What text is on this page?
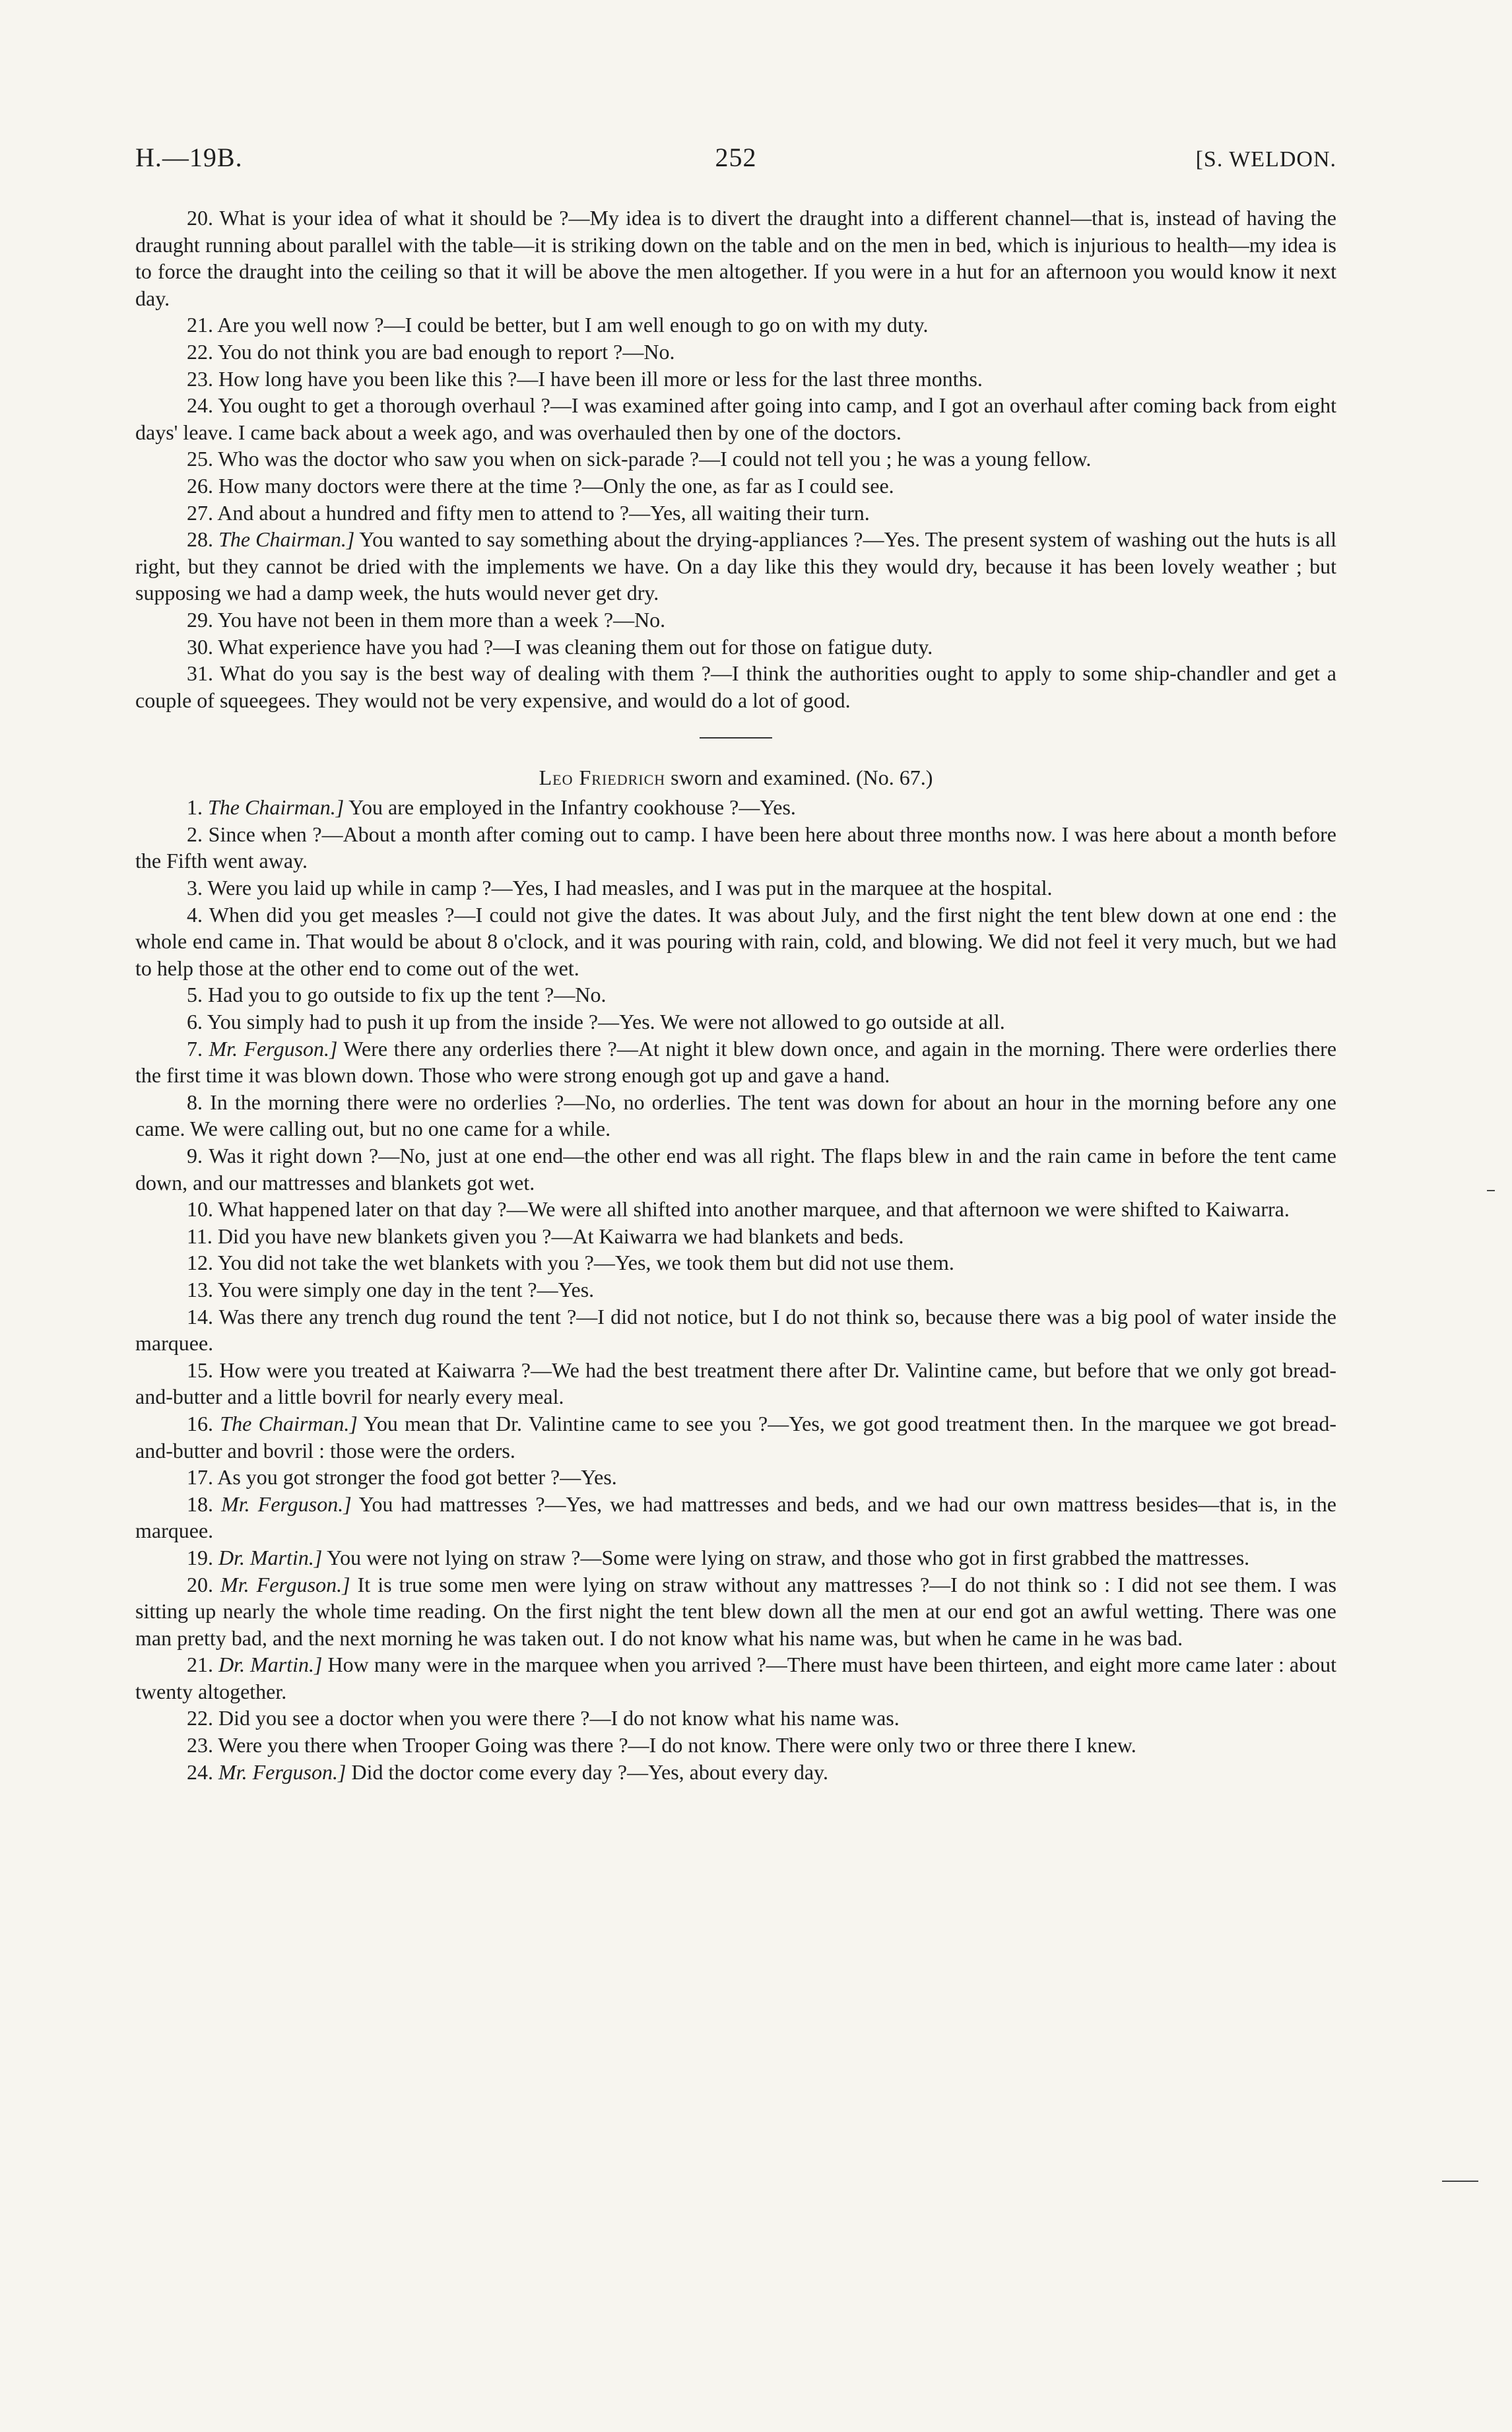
H.—19B.	252	[S. WELDON.

20. What is your idea of what it should be ?—My idea is to divert the draught into a different channel—that is, instead of having the draught running about parallel with the table—it is striking down on the table and on the men in bed, which is injurious to health—my idea is to force the draught into the ceiling so that it will be above the men altogether. If you were in a hut for an afternoon you would know it next day.

21. Are you well now ?—I could be better, but I am well enough to go on with my duty.

22. You do not think you are bad enough to report ?—No.

23. How long have you been like this ?—I have been ill more or less for the last three months.

24. You ought to get a thorough overhaul ?—I was examined after going into camp, and I got an overhaul after coming back from eight days' leave. I came back about a week ago, and was overhauled then by one of the doctors.

25. Who was the doctor who saw you when on sick-parade ?—I could not tell you ; he was a young fellow.

26. How many doctors were there at the time ?—Only the one, as far as I could see.

27. And about a hundred and fifty men to attend to ?—Yes, all waiting their turn.

28. The Chairman.] You wanted to say something about the drying-appliances ?—Yes. The present system of washing out the huts is all right, but they cannot be dried with the implements we have. On a day like this they would dry, because it has been lovely weather ; but supposing we had a damp week, the huts would never get dry.

29. You have not been in them more than a week ?—No.

30. What experience have you had ?—I was cleaning them out for those on fatigue duty.

31. What do you say is the best way of dealing with them ?—I think the authorities ought to apply to some ship-chandler and get a couple of squeegees. They would not be very expensive, and would do a lot of good.

Leo Friedrich sworn and examined. (No. 67.)

1. The Chairman.] You are employed in the Infantry cookhouse ?—Yes.

2. Since when ?—About a month after coming out to camp. I have been here about three months now. I was here about a month before the Fifth went away.

3. Were you laid up while in camp ?—Yes, I had measles, and I was put in the marquee at the hospital.

4. When did you get measles ?—I could not give the dates. It was about July, and the first night the tent blew down at one end : the whole end came in. That would be about 8 o'clock, and it was pouring with rain, cold, and blowing. We did not feel it very much, but we had to help those at the other end to come out of the wet.

5. Had you to go outside to fix up the tent ?—No.

6. You simply had to push it up from the inside ?—Yes. We were not allowed to go outside at all.

7. Mr. Ferguson.] Were there any orderlies there ?—At night it blew down once, and again in the morning. There were orderlies there the first time it was blown down. Those who were strong enough got up and gave a hand.

8. In the morning there were no orderlies ?—No, no orderlies. The tent was down for about an hour in the morning before any one came. We were calling out, but no one came for a while.

9. Was it right down ?—No, just at one end—the other end was all right. The flaps blew in and the rain came in before the tent came down, and our mattresses and blankets got wet.

10. What happened later on that day ?—We were all shifted into another marquee, and that afternoon we were shifted to Kaiwarra.

11. Did you have new blankets given you ?—At Kaiwarra we had blankets and beds.

12. You did not take the wet blankets with you ?—Yes, we took them but did not use them.

13. You were simply one day in the tent ?—Yes.

14. Was there any trench dug round the tent ?—I did not notice, but I do not think so, because there was a big pool of water inside the marquee.

15. How were you treated at Kaiwarra ?—We had the best treatment there after Dr. Valintine came, but before that we only got bread-and-butter and a little bovril for nearly every meal.

16. The Chairman.] You mean that Dr. Valintine came to see you ?—Yes, we got good treatment then. In the marquee we got bread-and-butter and bovril : those were the orders.

17. As you got stronger the food got better ?—Yes.

18. Mr. Ferguson.] You had mattresses ?—Yes, we had mattresses and beds, and we had our own mattress besides—that is, in the marquee.

19. Dr. Martin.] You were not lying on straw ?—Some were lying on straw, and those who got in first grabbed the mattresses.

20. Mr. Ferguson.] It is true some men were lying on straw without any mattresses ?—I do not think so : I did not see them. I was sitting up nearly the whole time reading. On the first night the tent blew down all the men at our end got an awful wetting. There was one man pretty bad, and the next morning he was taken out. I do not know what his name was, but when he came in he was bad.

21. Dr. Martin.] How many were in the marquee when you arrived ?—There must have been thirteen, and eight more came later : about twenty altogether.

22. Did you see a doctor when you were there ?—I do not know what his name was.

23. Were you there when Trooper Going was there ?—I do not know. There were only two or three there I knew.

24. Mr. Ferguson.] Did the doctor come every day ?—Yes, about every day.
